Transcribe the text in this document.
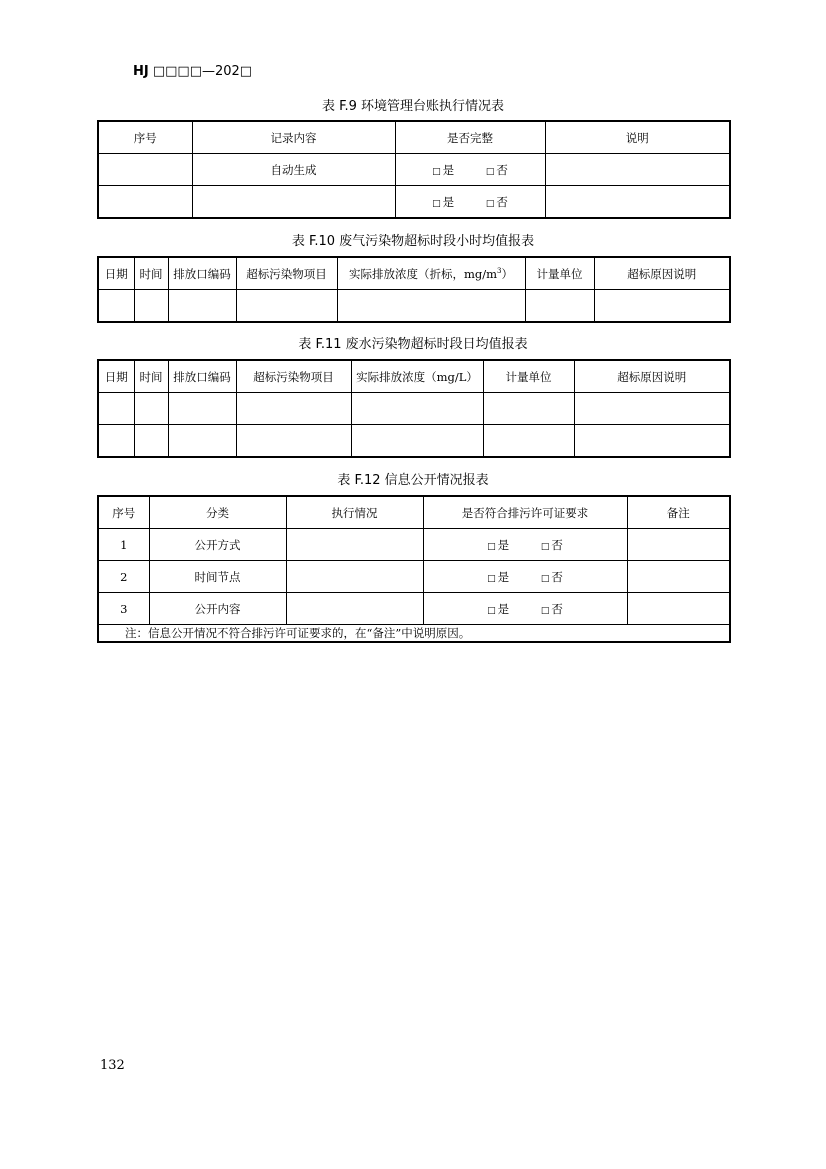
HJ □□□□—202□
表 F.9 环境管理台账执行情况表
序号	记录内容	是否完整	说明
	自动生成	□ 是 □ 否	
		□ 是 □ 否	
表 F.10 废气污染物超标时段小时均值报表
日期	时间	排放口编码	超标污染物项目	实际排放浓度（折标，$mg/m^3$）	计量单位	超标原因说明

表 F.11 废水污染物超标时段日均值报表
日期	时间	排放口编码	超标污染物项目	实际排放浓度（mg/L）	计量单位	超标原因说明

表 F.12 信息公开情况报表
序号	分类	执行情况	是否符合排污许可证要求	备注
1	公开方式		□ 是 □ 否	
2	时间节点		□ 是 □ 否	
3	公开内容		□ 是 □ 否	
注：信息公开情况不符合排污许可证要求的，在“备注”中说明原因。				
132
